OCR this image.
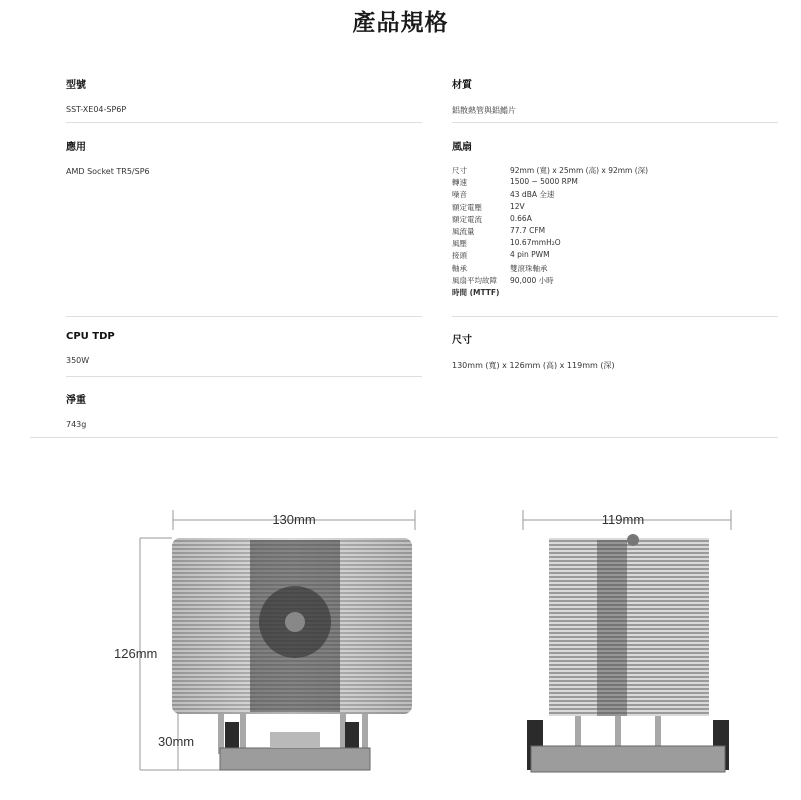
產品規格
型號
SST-XE04-SP6P
材質
鋁散熱管與鋁鰭片
應用
AMD Socket TR5/SP6
風扇
尺寸	92mm (寬) x 25mm (高) x 92mm (深)
轉速	1500 ~ 5000 RPM
噪音	43 dBA 全速
額定電壓	12V
額定電流	0.66A
風流量	77.7 CFM
風壓	10.67mmH₂O
接頭	4 pin PWM
軸承	雙滾珠軸承
風扇平均故障	90,000 小時
時間 (MTTF)	
CPU TDP
350W
尺寸
130mm (寬) x 126mm (高) x 119mm (深)
淨重
743g
130mm
126mm
30mm
119mm
